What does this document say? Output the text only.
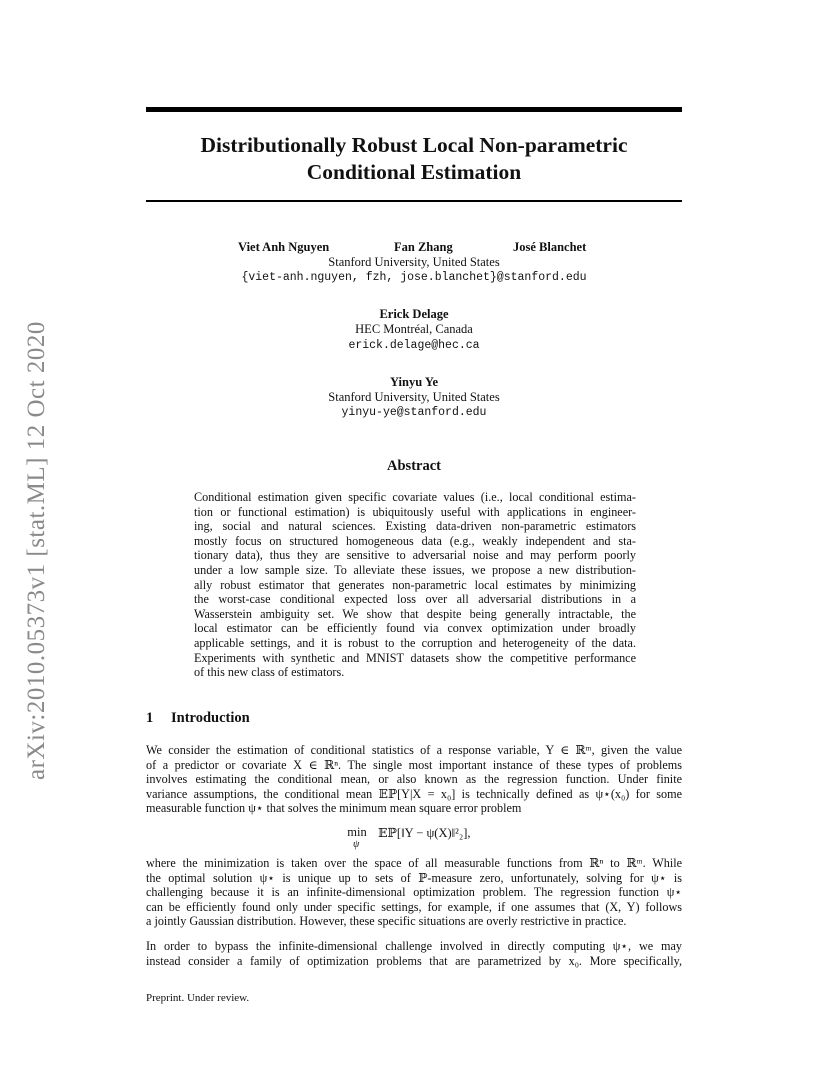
arXiv:2010.05373v1 [stat.ML] 12 Oct 2020
Distributionally Robust Local Non-parametric
Conditional Estimation
Viet Anh Nguyen	Fan Zhang	José Blanchet
Stanford University, United States
{viet-anh.nguyen, fzh, jose.blanchet}@stanford.edu
Erick Delage
HEC Montréal, Canada
erick.delage@hec.ca
Yinyu Ye
Stanford University, United States
yinyu-ye@stanford.edu
Abstract
Conditional estimation given specific covariate values (i.e., local conditional estima-
tion or functional estimation) is ubiquitously useful with applications in engineer-
ing, social and natural sciences. Existing data-driven non-parametric estimators
mostly focus on structured homogeneous data (e.g., weakly independent and sta-
tionary data), thus they are sensitive to adversarial noise and may perform poorly
under a low sample size. To alleviate these issues, we propose a new distribution-
ally robust estimator that generates non-parametric local estimates by minimizing
the worst-case conditional expected loss over all adversarial distributions in a
Wasserstein ambiguity set. We show that despite being generally intractable, the
local estimator can be efficiently found via convex optimization under broadly
applicable settings, and it is robust to the corruption and heterogeneity of the data.
Experiments with synthetic and MNIST datasets show the competitive performance
of this new class of estimators.
1 Introduction
We consider the estimation of conditional statistics of a response variable, Y ∈ ℝᵐ, given the value
of a predictor or covariate X ∈ ℝⁿ. The single most important instance of these types of problems
involves estimating the conditional mean, or also known as the regression function. Under finite
variance assumptions, the conditional mean 𝔼ℙ[Y|X = x₀] is technically defined as ψ⋆(x₀) for some
measurable function ψ⋆ that solves the minimum mean square error problem
min
ψ
𝔼ℙ[‖Y − ψ(X)‖²₂],
where the minimization is taken over the space of all measurable functions from ℝⁿ to ℝᵐ. While
the optimal solution ψ⋆ is unique up to sets of ℙ-measure zero, unfortunately, solving for ψ⋆ is
challenging because it is an infinite-dimensional optimization problem. The regression function ψ⋆
can be efficiently found only under specific settings, for example, if one assumes that (X, Y) follows
a jointly Gaussian distribution. However, these specific situations are overly restrictive in practice.
In order to bypass the infinite-dimensional challenge involved in directly computing ψ⋆, we may
instead consider a family of optimization problems that are parametrized by x₀. More specifically,
Preprint. Under review.
